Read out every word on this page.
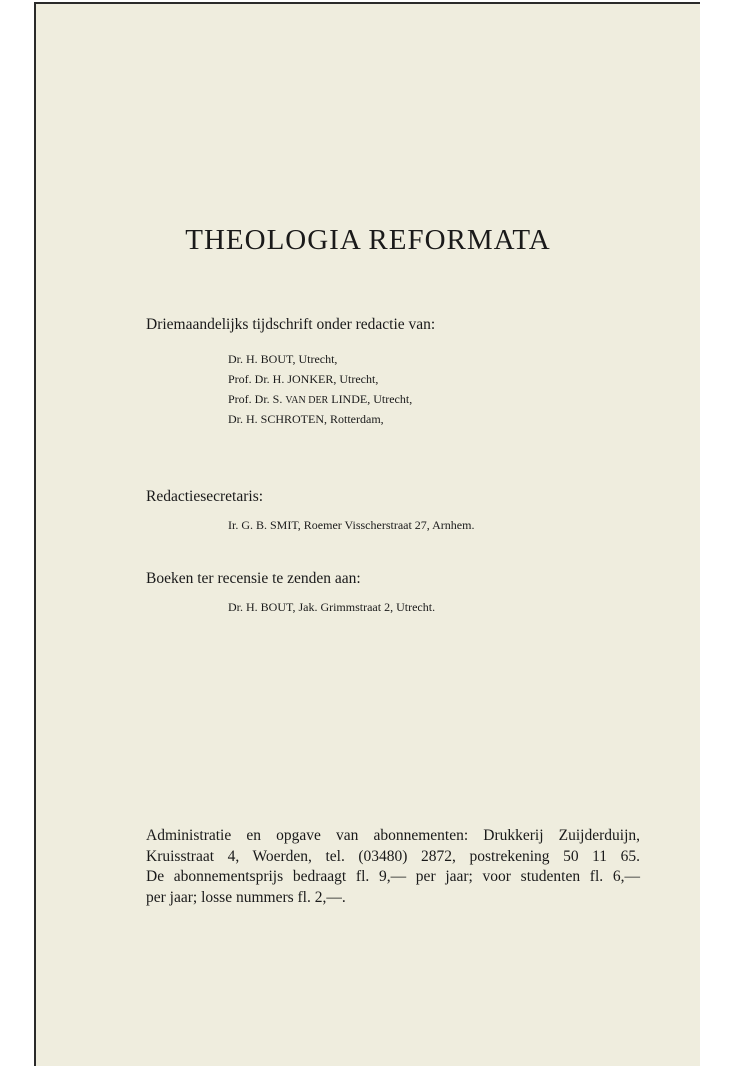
THEOLOGIA REFORMATA

Driemaandelijks tijdschrift onder redactie van:

Dr. H. BOUT, Utrecht,
Prof. Dr. H. JONKER, Utrecht,
Prof. Dr. S. VAN DER LINDE, Utrecht,
Dr. H. SCHROTEN, Rotterdam,

Redactiesecretaris:

Ir. G. B. SMIT, Roemer Visscherstraat 27, Arnhem.

Boeken ter recensie te zenden aan:

Dr. H. BOUT, Jak. Grimmstraat 2, Utrecht.

Administratie en opgave van abonnementen: Drukkerij Zuijderduijn,
Kruisstraat 4, Woerden, tel. (03480) 2872, postrekening 50 11 65.
De abonnementsprijs bedraagt fl. 9,— per jaar; voor studenten fl. 6,—
per jaar; losse nummers fl. 2,—.
